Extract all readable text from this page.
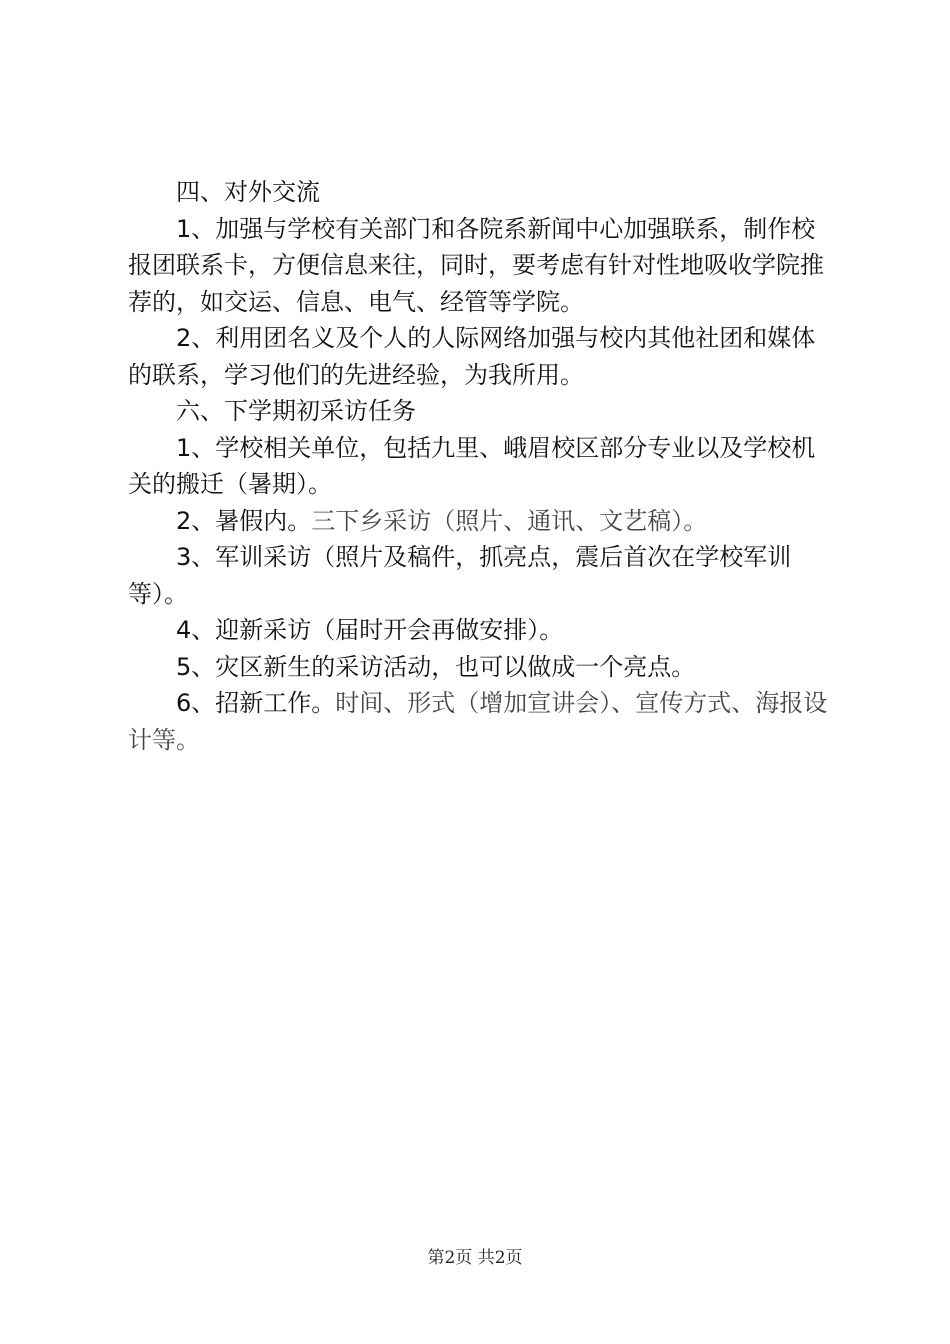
四、对外交流

1、加强与学校有关部门和各院系新闻中心加强联系，制作校报团联系卡，方便信息来往，同时，要考虑有针对性地吸收学院推荐的，如交运、信息、电气、经管等学院。

2、利用团名义及个人的人际网络加强与校内其他社团和媒体的联系，学习他们的先进经验，为我所用。

六、下学期初采访任务

1、学校相关单位，包括九里、峨眉校区部分专业以及学校机关的搬迁（暑期）。

2、暑假内。三下乡采访（照片、通讯、文艺稿）。

3、军训采访（照片及稿件，抓亮点，震后首次在学校军训等）。

4、迎新采访（届时开会再做安排）。

5、灾区新生的采访活动，也可以做成一个亮点。

6、招新工作。时间、形式（增加宣讲会）、宣传方式、海报设计等。

第2页 共2页
